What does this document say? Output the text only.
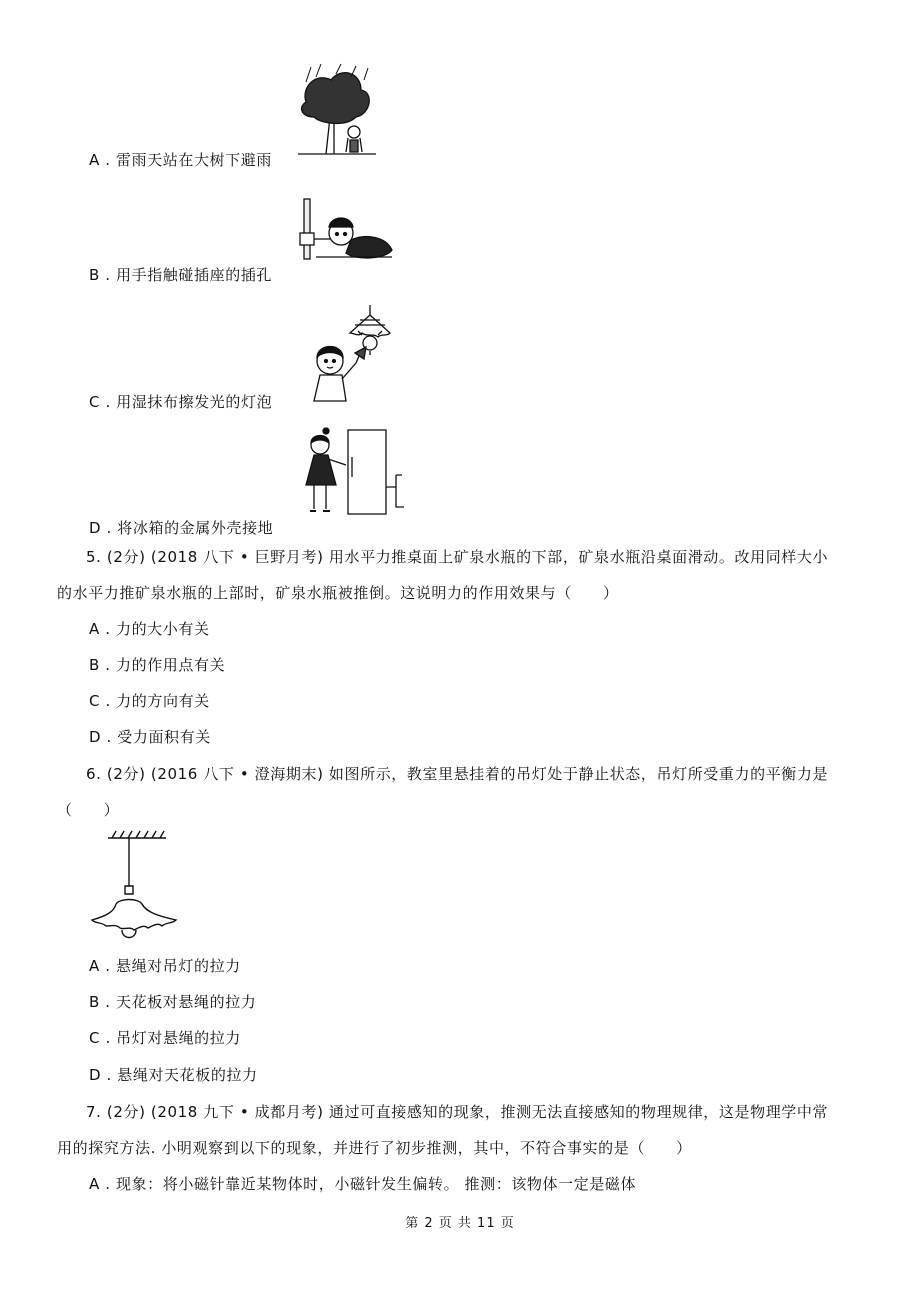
A . 雷雨天站在大树下避雨
B . 用手指触碰插座的插孔
C . 用湿抹布擦发光的灯泡
D . 将冰箱的金属外壳接地
5. (2分) (2018 八下 • 巨野月考) 用水平力推桌面上矿泉水瓶的下部，矿泉水瓶沿桌面滑动。改用同样大小
的水平力推矿泉水瓶的上部时，矿泉水瓶被推倒。这说明力的作用效果与（　　）
A . 力的大小有关
B . 力的作用点有关
C . 力的方向有关
D . 受力面积有关
6. (2分) (2016 八下 • 澄海期末) 如图所示，教室里悬挂着的吊灯处于静止状态，吊灯所受重力的平衡力是
（　　）
A . 悬绳对吊灯的拉力
B . 天花板对悬绳的拉力
C . 吊灯对悬绳的拉力
D . 悬绳对天花板的拉力
7. (2分) (2018 九下 • 成都月考) 通过可直接感知的现象，推测无法直接感知的物理规律，这是物理学中常
用的探究方法. 小明观察到以下的现象，并进行了初步推测，其中，不符合事实的是（　　）
A . 现象：将小磁针靠近某物体时，小磁针发生偏转。 推测：该物体一定是磁体
第 2 页 共 11 页
